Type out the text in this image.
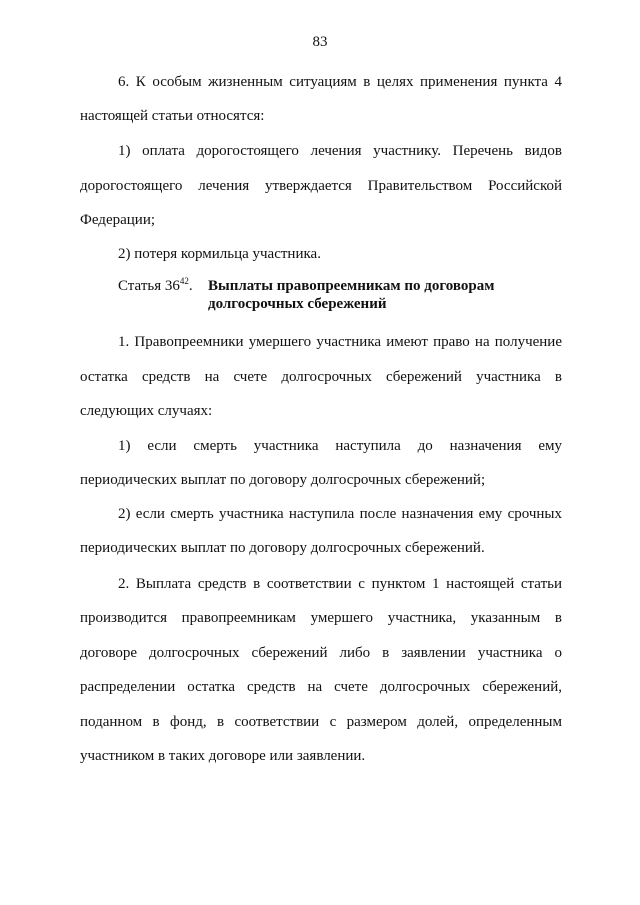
83
6. К особым жизненным ситуациям в целях применения пункта 4
настоящей статьи относятся:
1) оплата дорогостоящего лечения участнику. Перечень видов
дорогостоящего лечения утверждается Правительством Российской
Федерации;
2) потеря кормильца участника.
Статья $36^{42}$. Выплаты правопреемникам по договорам
долгосрочных сбережений
1. Правопреемники умершего участника имеют право на получение
остатка средств на счете долгосрочных сбережений участника в
следующих случаях:
1) если смерть участника наступила до назначения ему
периодических выплат по договору долгосрочных сбережений;
2) если смерть участника наступила после назначения ему срочных
периодических выплат по договору долгосрочных сбережений.
2. Выплата средств в соответствии с пунктом 1 настоящей статьи
производится правопреемникам умершего участника, указанным в
договоре долгосрочных сбережений либо в заявлении участника о
распределении остатка средств на счете долгосрочных сбережений,
поданном в фонд, в соответствии с размером долей, определенным
участником в таких договоре или заявлении.
